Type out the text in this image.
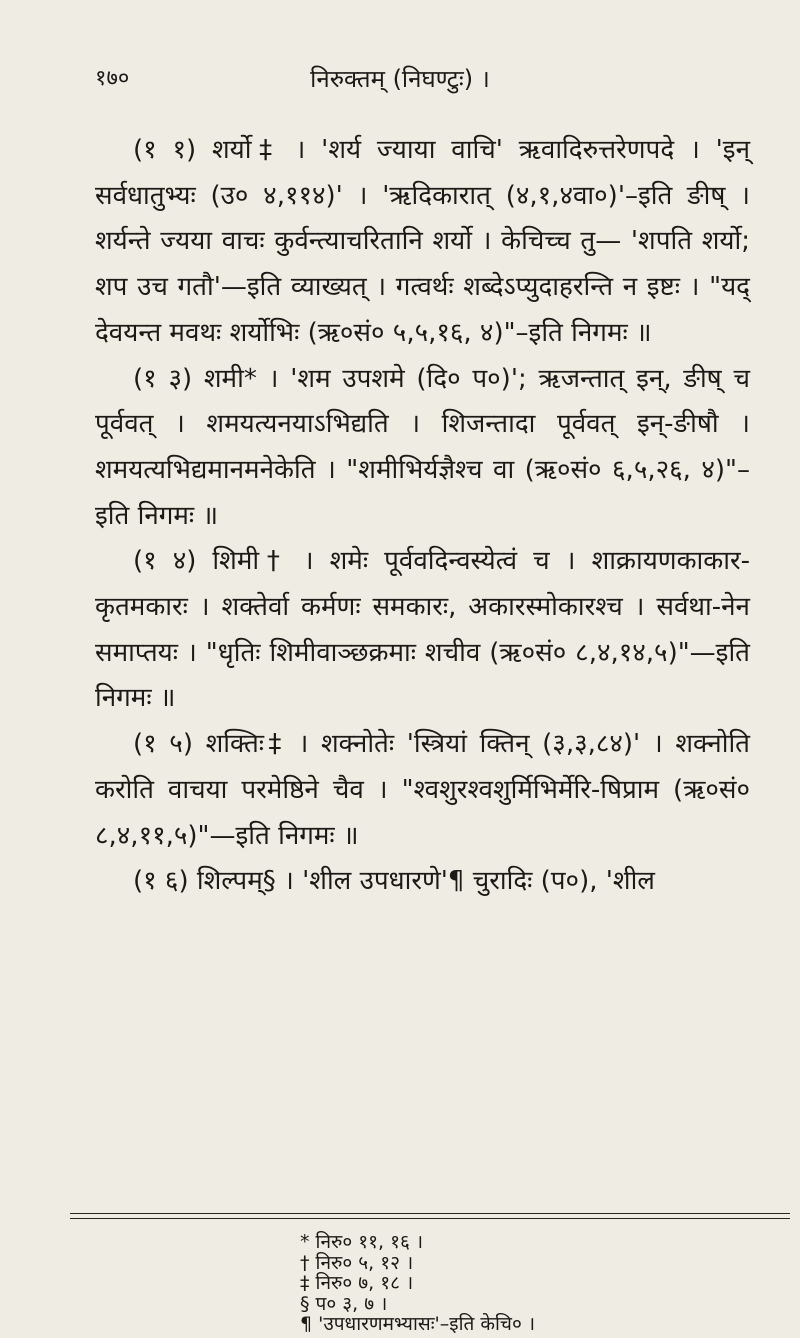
१७०	निरुक्तम् (निघण्टुः) ।

(१ १) शर्यो‡ । 'शर्य ज्याया वाचि' ऋवादिरुत्तरेणपदे । 'इन् सर्वधातुभ्यः (उ० ४,११४)' । 'ऋदिकारात् (४,१,४वा०)'–इति ङीष् । शर्यन्ते ज्यया वाचः कुर्वन्त्याचरितानि शर्यो । केचिच्च तु— 'शपति शर्यो; शप उच गतौ'—इति व्याख्यत् । गत्वर्थः शब्देऽप्युदाहरन्ति न इष्टः । "यद् देवयन्त मवथः शर्योभिः (ऋ०सं० ५,५,१६, ४)"–इति निगमः ॥

(१ ३) शमी* । 'शम उपशमे (दि० प०)'; ऋजन्तात् इन्, ङीष् च पूर्ववत् । शमयत्यनयाऽभिद्यति । शिजन्तादा पूर्ववत् इन्-ङीषौ । शमयत्यभिद्यमानमनेकेति । "शमीभिर्यज्ञैश्च वा (ऋ०सं० ६,५,२६, ४)"–इति निगमः ॥

(१ ४) शिमी† । शमेः पूर्ववदिन्वस्येत्वं च । शाक्रायणकाकार-कृतमकारः । शक्तेर्वा कर्मणः समकारः, अकारस्मोकारश्च । सर्वथा-नेन समाप्तयः । "धृतिः शिमीवाञ्छक्रमाः शचीव (ऋ०सं० ८,४,१४,५)"—इति निगमः ॥

(१ ५) शक्तिः‡ । शक्नोतेः 'स्त्रियां क्तिन् (३,३,८४)' । शक्नोति करोति वाचया परमेष्ठिने चैव । "श्वशुरश्वशुर्मिभिर्मेरि-षिप्राम (ऋ०सं० ८,४,११,५)"—इति निगमः ॥

(१ ६) शिल्पम्§ । 'शील उपधारणे'¶ चुरादिः (प०), 'शील

* निरु० ११, १६ ।

† निरु० ५, १२ ।

‡ निरु० ७, १८ ।

§ प० ३, ७ ।

¶ 'उपधारणमभ्यासः'–इति केचि० ।
